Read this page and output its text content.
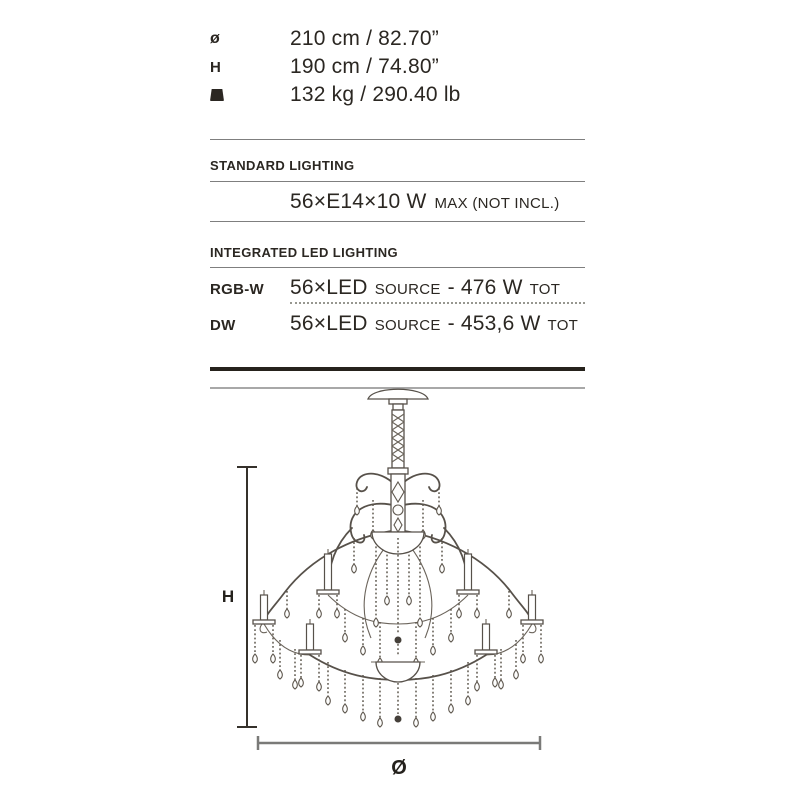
ø	210 cm / 82.70”
H	190 cm / 74.80”
132 kg / 290.40 lb
STANDARD LIGHTING
56×E14×10 W MAX (NOT INCL.)
INTEGRATED LED LIGHTING
RGB-W	56×LED SOURCE - 476 W TOT
DW	56×LED SOURCE - 453,6 W TOT
H
Ø
